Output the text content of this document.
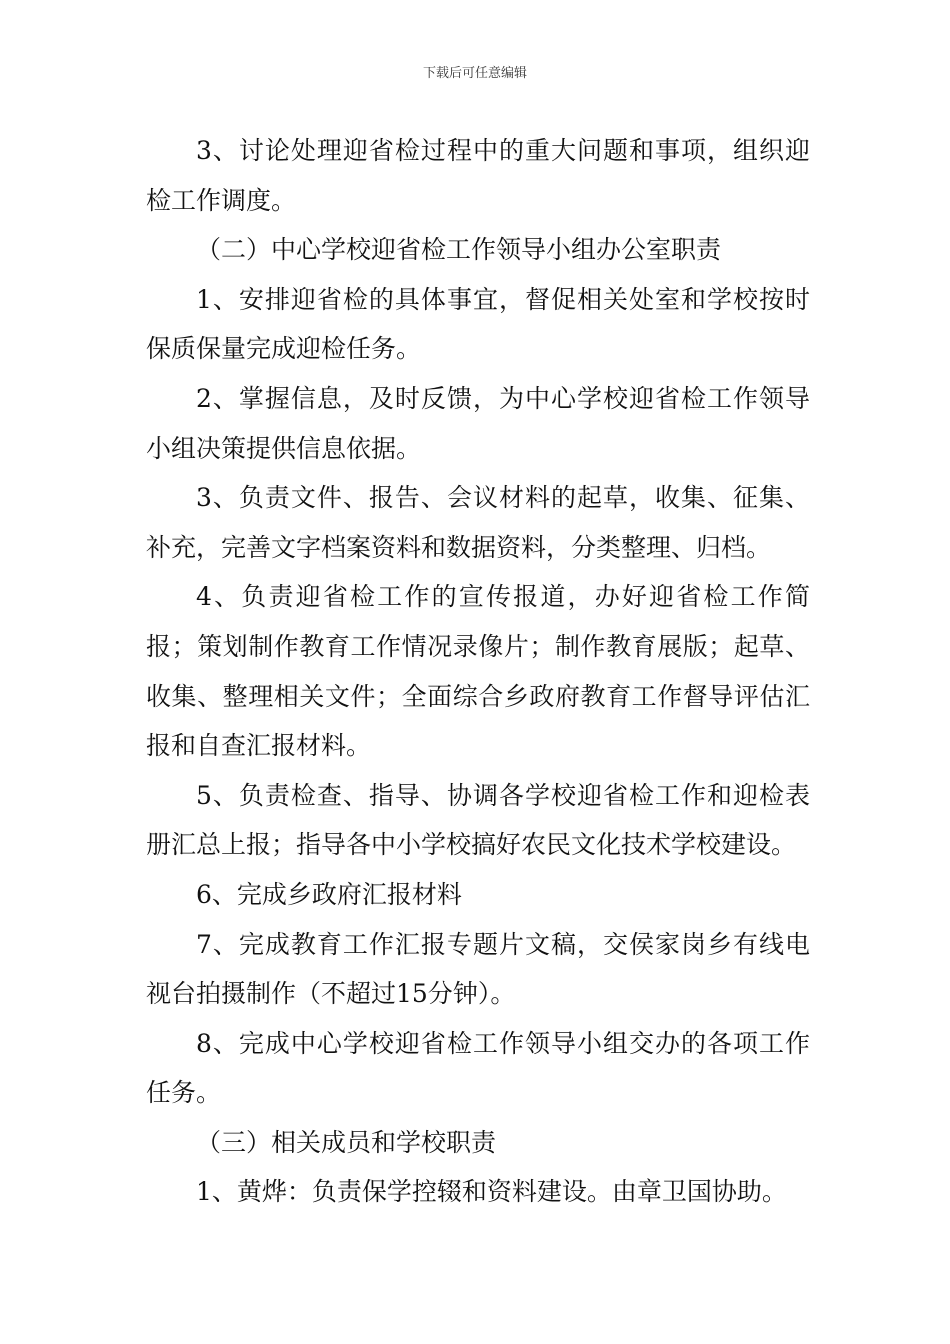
下载后可任意编辑

3、讨论处理迎省检过程中的重大问题和事项，组织迎检工作调度。

（二）中心学校迎省检工作领导小组办公室职责

1、安排迎省检的具体事宜，督促相关处室和学校按时保质保量完成迎检任务。

2、掌握信息，及时反馈，为中心学校迎省检工作领导小组决策提供信息依据。

3、负责文件、报告、会议材料的起草，收集、征集、补充，完善文字档案资料和数据资料，分类整理、归档。

4、负责迎省检工作的宣传报道，办好迎省检工作简报；策划制作教育工作情况录像片；制作教育展版；起草、收集、整理相关文件；全面综合乡政府教育工作督导评估汇报和自查汇报材料。

5、负责检查、指导、协调各学校迎省检工作和迎检表册汇总上报；指导各中小学校搞好农民文化技术学校建设。

6、完成乡政府汇报材料

7、完成教育工作汇报专题片文稿，交侯家岗乡有线电视台拍摄制作（不超过15分钟）。

8、完成中心学校迎省检工作领导小组交办的各项工作任务。

（三）相关成员和学校职责

1、黄烨：负责保学控辍和资料建设。由章卫国协助。
